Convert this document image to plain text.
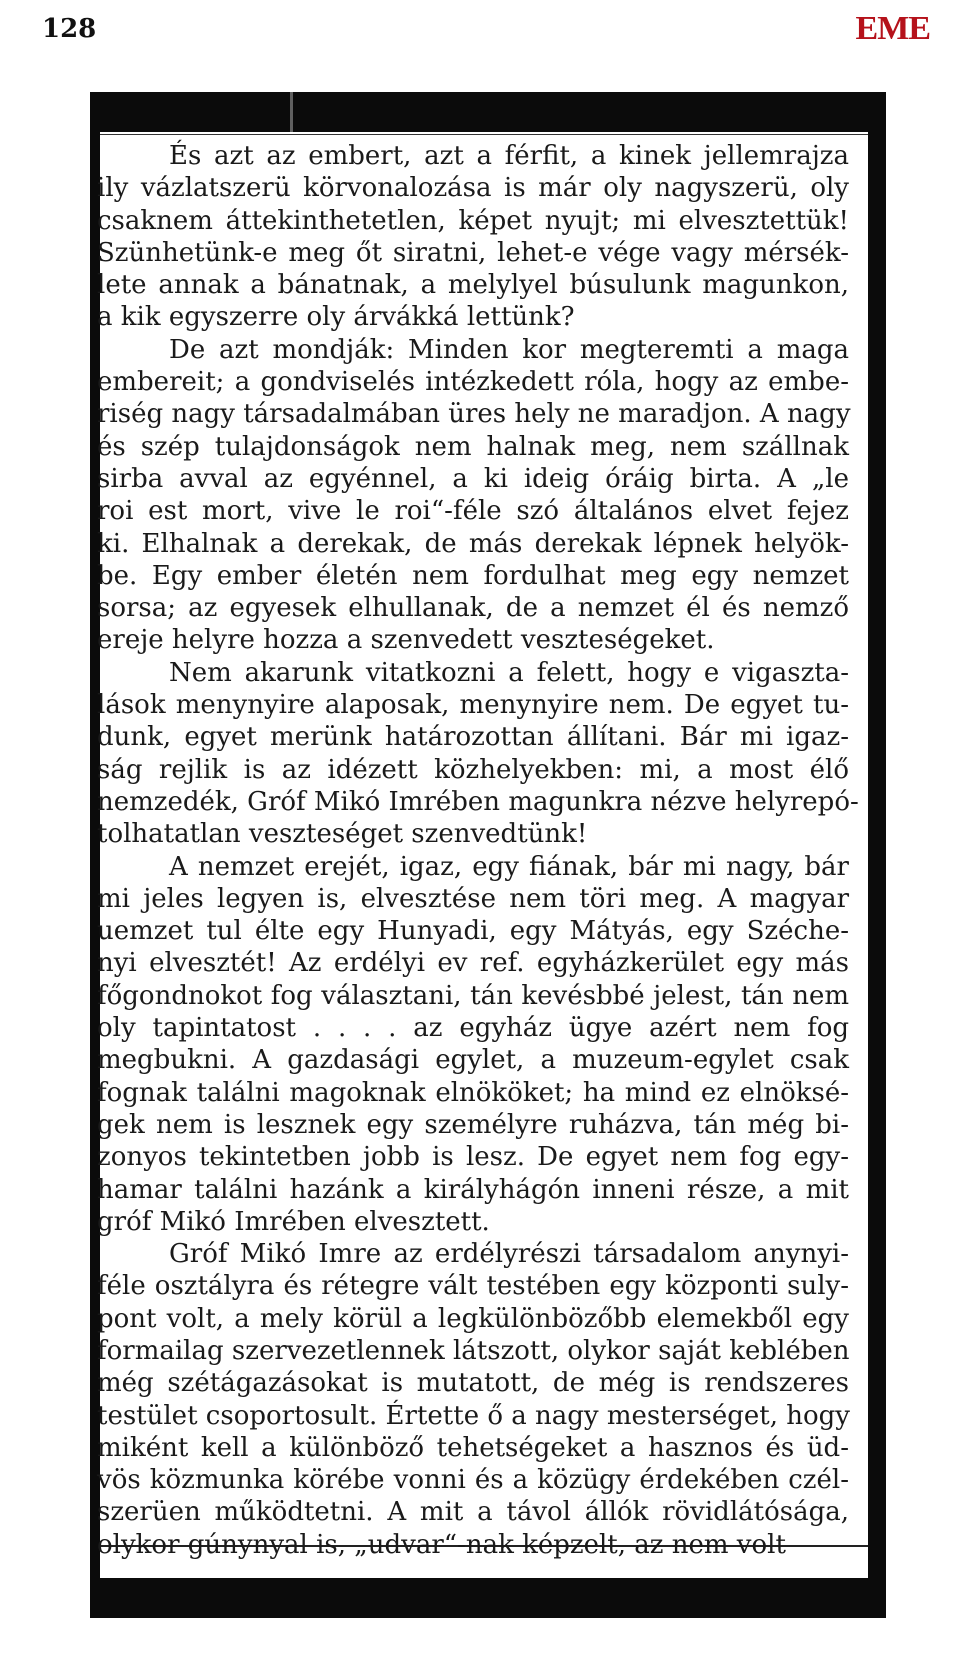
128	EME
És azt az embert, azt a férfit, a kinek jellemrajza
ily vázlatszerü körvonalozása is már oly nagyszerü, oly
csaknem áttekinthetetlen, képet nyujt; mi elvesztettük!
Szünhetünk-e meg őt siratni, lehet-e vége vagy mérsék-
lete annak a bánatnak, a melylyel búsulunk magunkon,
a kik egyszerre oly árvákká lettünk?
De azt mondják: Minden kor megteremti a maga
embereit; a gondviselés intézkedett róla, hogy az embe-
riség nagy társadalmában üres hely ne maradjon. A nagy
és szép tulajdonságok nem halnak meg, nem szállnak
sirba avval az egyénnel, a ki ideig óráig birta. A „le
roi est mort, vive le roi“-féle szó általános elvet fejez
ki. Elhalnak a derekak, de más derekak lépnek helyök-
be. Egy ember életén nem fordulhat meg egy nemzet
sorsa; az egyesek elhullanak, de a nemzet él és nemző
ereje helyre hozza a szenvedett veszteségeket.
Nem akarunk vitatkozni a felett, hogy e vigaszta-
lások menynyire alaposak, menynyire nem. De egyet tu-
dunk, egyet merünk határozottan állítani. Bár mi igaz-
ság rejlik is az idézett közhelyekben: mi, a most élő
nemzedék, Gróf Mikó Imrében magunkra nézve helyrepó-
tolhatatlan veszteséget szenvedtünk!
A nemzet erejét, igaz, egy fiának, bár mi nagy, bár
mi jeles legyen is, elvesztése nem töri meg. A magyar
uemzet tul élte egy Hunyadi, egy Mátyás, egy Széche-
nyi elvesztét! Az erdélyi ev ref. egyházkerület egy más
főgondnokot fog választani, tán kevésbbé jelest, tán nem
oly tapintatost . . . . az egyház ügye azért nem fog
megbukni. A gazdasági egylet, a muzeum-egylet csak
fognak találni magoknak elnököket; ha mind ez elnöksé-
gek nem is lesznek egy személyre ruházva, tán még bi-
zonyos tekintetben jobb is lesz. De egyet nem fog egy-
hamar találni hazánk a királyhágón inneni része, a mit
gróf Mikó Imrében elvesztett.
Gróf Mikó Imre az erdélyrészi társadalom anynyi-
féle osztályra és rétegre vált testében egy központi suly-
pont volt, a mely körül a legkülönbözőbb elemekből egy
formailag szervezetlennek látszott, olykor saját keblében
még szétágazásokat is mutatott, de még is rendszeres
testület csoportosult. Értette ő a nagy mesterséget, hogy
miként kell a különböző tehetségeket a hasznos és üd-
vös közmunka körébe vonni és a közügy érdekében czél-
szerüen működtetni. A mit a távol állók rövidlátósága,
olykor gúnynyal is, „udvar“-nak képzelt, az nem volt
